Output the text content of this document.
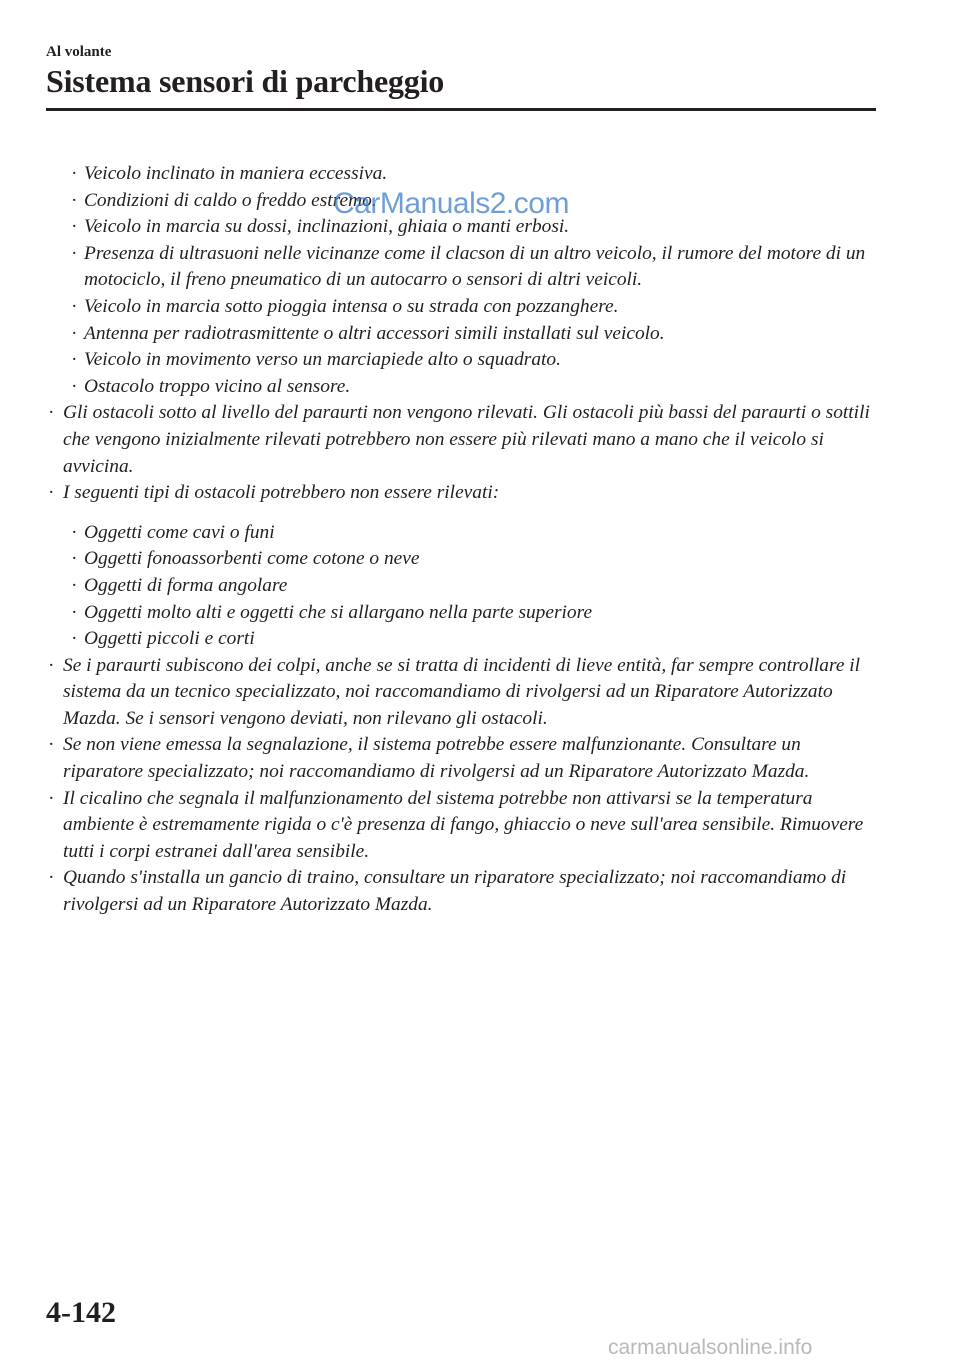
Al volante
Sistema sensori di parcheggio
· Veicolo inclinato in maniera eccessiva.
· Condizioni di caldo o freddo estremo.
· Veicolo in marcia su dossi, inclinazioni, ghiaia o manti erbosi.
· Presenza di ultrasuoni nelle vicinanze come il clacson di un altro veicolo, il rumore del motore di un motociclo, il freno pneumatico di un autocarro o sensori di altri veicoli.
· Veicolo in marcia sotto pioggia intensa o su strada con pozzanghere.
· Antenna per radiotrasmittente o altri accessori simili installati sul veicolo.
· Veicolo in movimento verso un marciapiede alto o squadrato.
· Ostacolo troppo vicino al sensore.
· Gli ostacoli sotto al livello del paraurti non vengono rilevati. Gli ostacoli più bassi del paraurti o sottili che vengono inizialmente rilevati potrebbero non essere più rilevati mano a mano che il veicolo si avvicina.
· I seguenti tipi di ostacoli potrebbero non essere rilevati:
· Oggetti come cavi o funi
· Oggetti fonoassorbenti come cotone o neve
· Oggetti di forma angolare
· Oggetti molto alti e oggetti che si allargano nella parte superiore
· Oggetti piccoli e corti
· Se i paraurti subiscono dei colpi, anche se si tratta di incidenti di lieve entità, far sempre controllare il sistema da un tecnico specializzato, noi raccomandiamo di rivolgersi ad un Riparatore Autorizzato Mazda. Se i sensori vengono deviati, non rilevano gli ostacoli.
· Se non viene emessa la segnalazione, il sistema potrebbe essere malfunzionante. Consultare un riparatore specializzato; noi raccomandiamo di rivolgersi ad un Riparatore Autorizzato Mazda.
· Il cicalino che segnala il malfunzionamento del sistema potrebbe non attivarsi se la temperatura ambiente è estremamente rigida o c'è presenza di fango, ghiaccio o neve sull'area sensibile. Rimuovere tutti i corpi estranei dall'area sensibile.
· Quando s'installa un gancio di traino, consultare un riparatore specializzato; noi raccomandiamo di rivolgersi ad un Riparatore Autorizzato Mazda.
CarManuals2.com
4-142
carmanualsonline.info
